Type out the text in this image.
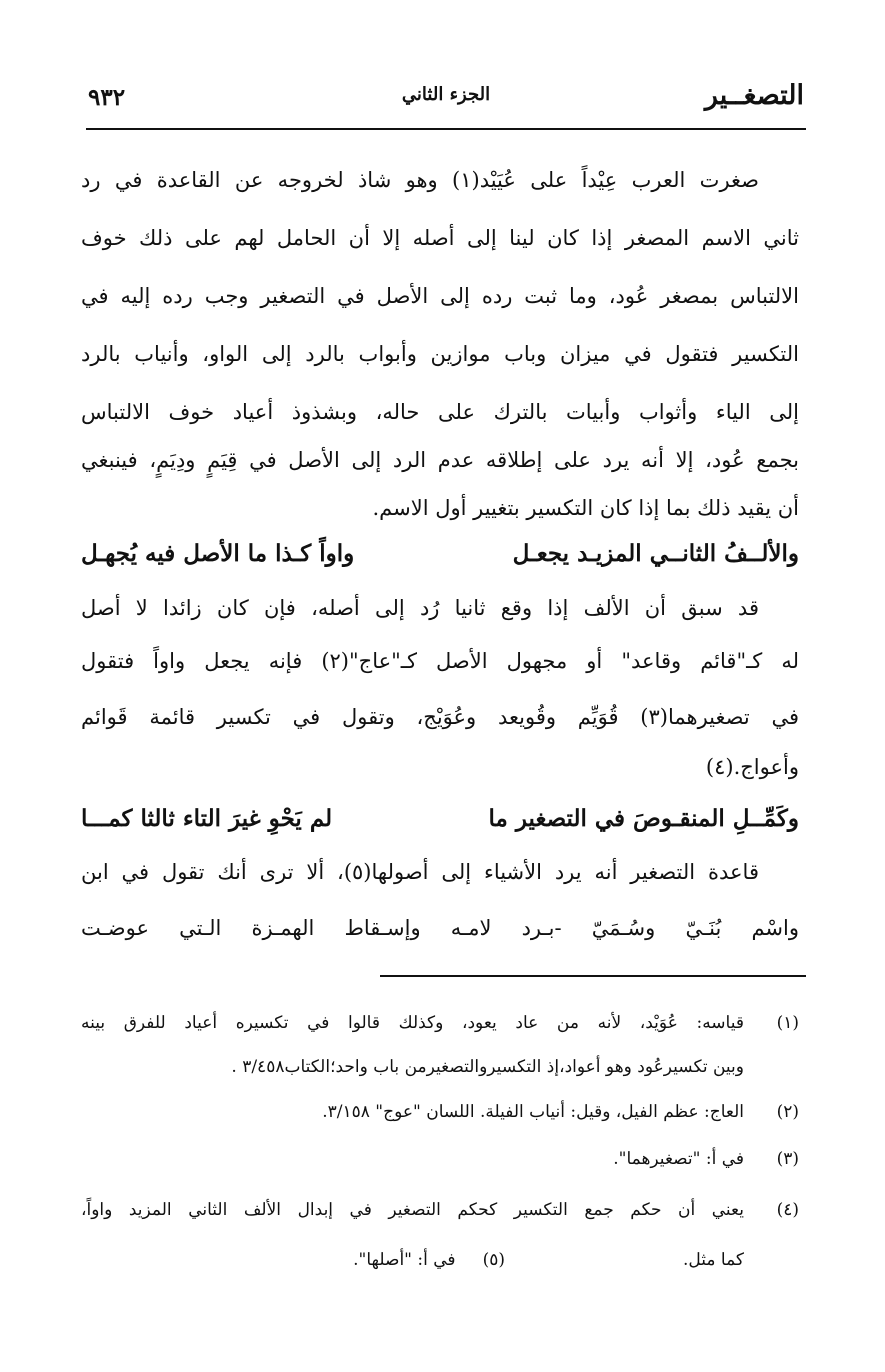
التصغــير
الجزء الثاني
٩٣٢
صغرت العرب عِيْداً على عُيَيْد(١) وهو شاذ لخروجه عن القاعدة في رد
ثاني الاسم المصغر إذا كان لينا إلى أصله إلا أن الحامل لهم على ذلك خوف
الالتباس بمصغر عُود، وما ثبت رده إلى الأصل في التصغير وجب رده إليه في
التكسير فتقول في ميزان وباب موازين وأبواب بالرد إلى الواو، وأنياب بالرد
إلى الياء وأثواب وأبيات بالترك على حاله، وبشذوذ أعياد خوف الالتباس
بجمع عُود، إلا أنه يرد على إطلاقه عدم الرد إلى الأصل في قِيَمٍ ودِيَمٍ، فينبغي
أن يقيد ذلك بما إذا كان التكسير بتغيير أول الاسم.
والألــفُ الثانــي المزيـد يجعـل
واواً كـذا ما الأصل فيه يُجهـل
قد سبق أن الألف إذا وقع ثانيا رُد إلى أصله، فإن كان زائدا لا أصل
له كـ"قائم وقاعد" أو مجهول الأصل كـ"عاج"(٢) فإنه يجعل واواً فتقول
في تصغيرهما(٣) قُوَيِّم وقُويعد وعُوَيْج، وتقول في تكسير قائمة قَوائم
وأعواج.(٤)
وكَمِّــلِ المنقـوصَ في التصغير ما
لم يَحْوِ غيرَ التاء ثالثا كمـــا
قاعدة التصغير أنه يرد الأشياء إلى أصولها(٥)، ألا ترى أنك تقول في ابن
واسْم بُنَـيّ وسُـمَيّ -بـرد لامـه وإسـقاط الهمـزة الـتي عوضـت
(١)
قياسه: عُوَيْد، لأنه من عاد يعود، وكذلك قالوا في تكسيره أعياد للفرق بينه
وبين تكسيرعُود وهو أعواد،إذ التكسيروالتصغيرمن باب واحد؛الكتاب٣/٤٥٨ .
(٢)
العاج: عظم الفيل، وقيل: أنياب الفيلة. اللسان "عوج" ٣/١٥٨.
(٣)
في أ: "تصغيرهما".
(٤)
يعني أن حكم جمع التكسير كحكم التصغير في إبدال الألف الثاني المزيد واواً،
كما مثل.
(٥)     في أ: "أصلها".
